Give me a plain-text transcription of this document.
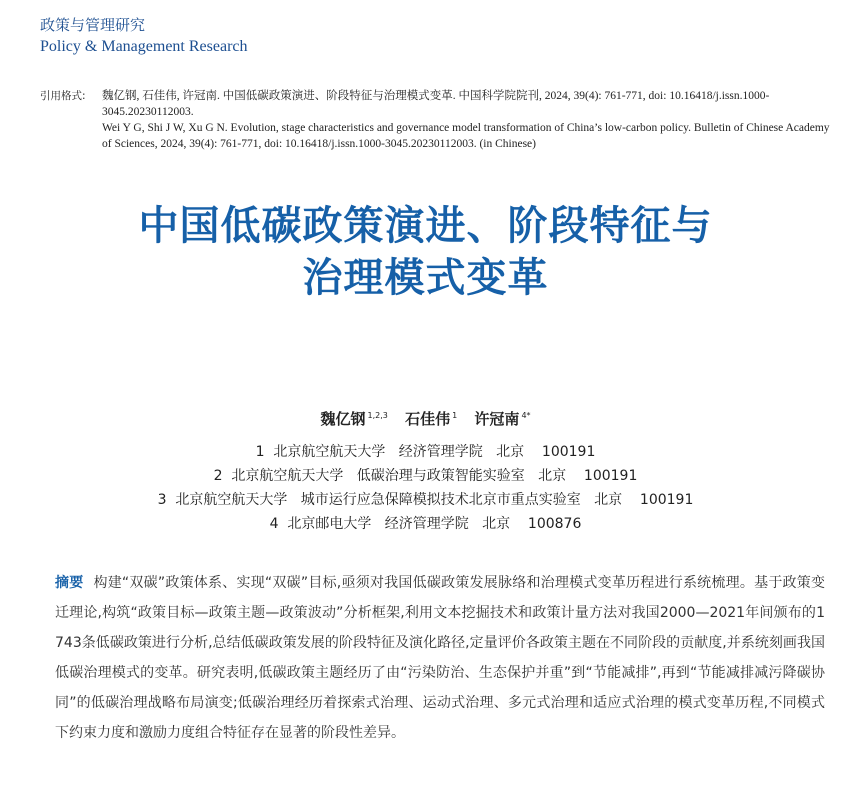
政策与管理研究
Policy & Management Research
引用格式:	魏亿钢, 石佳伟, 许冠南. 中国低碳政策演进、阶段特征与治理模式变革. 中国科学院院刊, 2024, 39(4): 761-771, doi: 10.16418/j.issn.1000-3045.20230112003.
Wei Y G, Shi J W, Xu G N. Evolution, stage characteristics and governance model transformation of China’s low-carbon policy. Bulletin of Chinese Academy of Sciences, 2024, 39(4): 761-771, doi: 10.16418/j.issn.1000-3045.20230112003. (in Chinese)
中国低碳政策演进、阶段特征与
治理模式变革
魏亿钢 $^{1,2,3}$ 石佳伟 $^1$ 许冠南 $^{4*}$
1  北京航空航天大学   经济管理学院   北京    100191
2  北京航空航天大学   低碳治理与政策智能实验室   北京    100191
3  北京航空航天大学   城市运行应急保障模拟技术北京市重点实验室   北京    100191
4  北京邮电大学   经济管理学院   北京    100876
摘要 构建“双碳”政策体系、实现“双碳”目标,亟须对我国低碳政策发展脉络和治理模式变革历程进行系统梳理。基于政策变迁理论,构筑“政策目标—政策主题—政策波动”分析框架,利用文本挖掘技术和政策计量方法对我国2000—2021年间颁布的1 743条低碳政策进行分析,总结低碳政策发展的阶段特征及演化路径,定量评价各政策主题在不同阶段的贡献度,并系统刻画我国低碳治理模式的变革。研究表明,低碳政策主题经历了由“污染防治、生态保护并重”到“节能减排”,再到“节能减排减污降碳协同”的低碳治理战略布局演变;低碳治理经历着探索式治理、运动式治理、多元式治理和适应式治理的模式变革历程,不同模式下约束力度和激励力度组合特征存在显著的阶段性差异。
